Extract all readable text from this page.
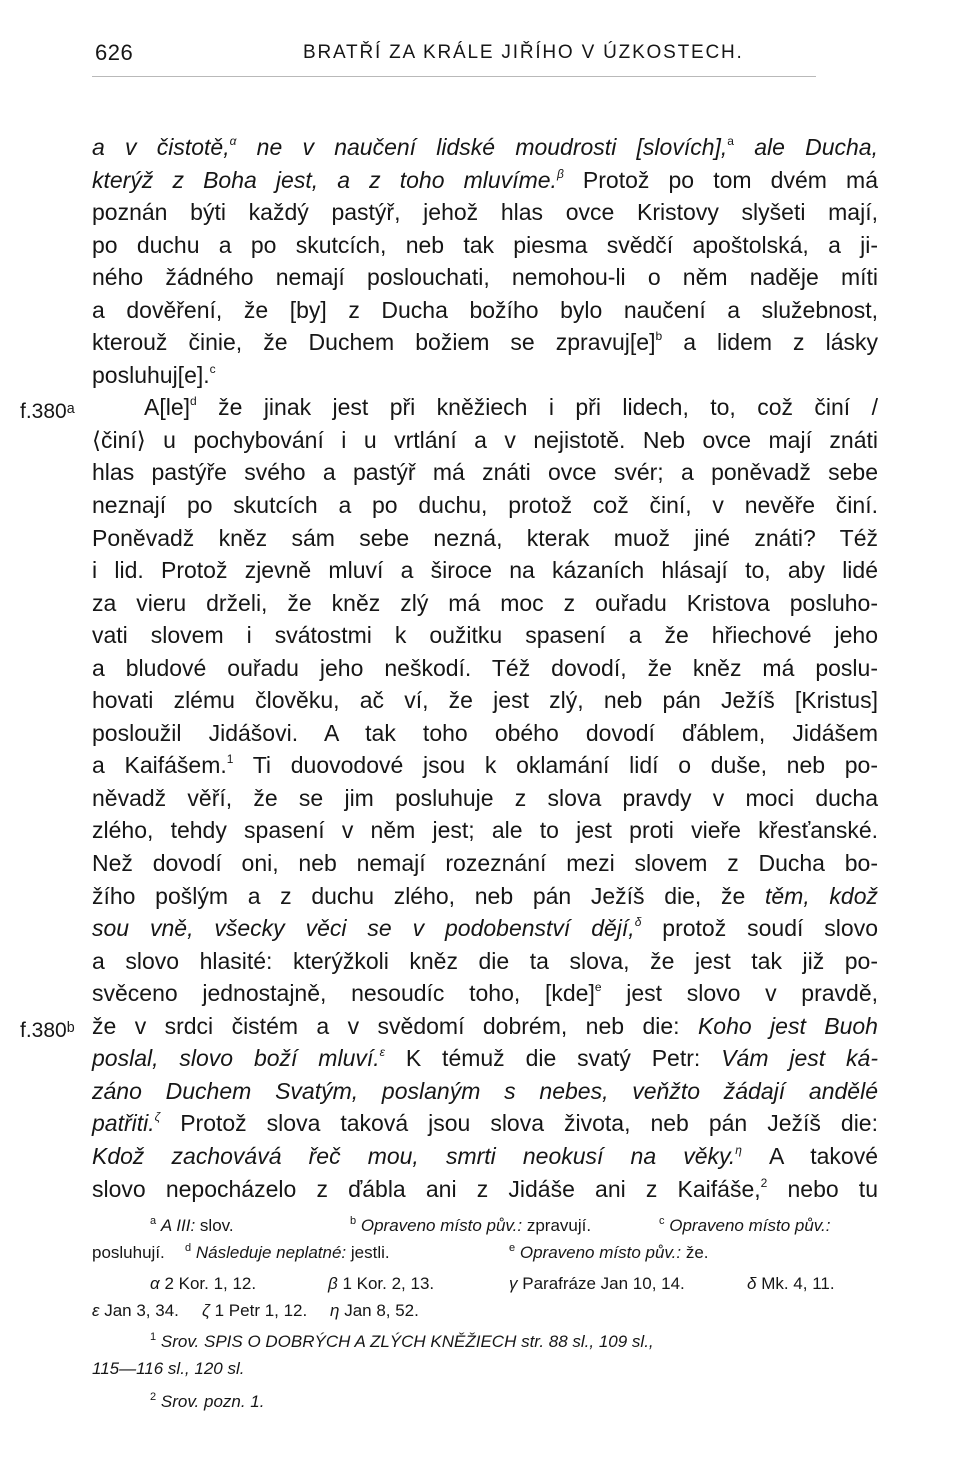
626	BRATŘÍ ZA KRÁLE JIŘÍHO V ÚZKOSTECH.
f.380ᵃ
f.380ᵇ
a v čistotě,$^\alpha$ ne v naučení lidské moudrosti [slovích],$^a$ ale Ducha,
kterýž z Boha jest, a z toho mluvíme.$^\beta$ Protož po tom dvém má
poznán býti každý pastýř, jehož hlas ovce Kristovy slyšeti mají,
po duchu a po skutcích, neb tak piesma svědčí apoštolská, a ji-
ného žádného nemají poslouchati, nemohou-li o něm naděje míti
a dověření, že [by] z Ducha božího bylo naučení a služebnost,
kterouž činie, že Duchem božiem se $zpravuj[e]^b$ a lidem z lásky
posluhuj[e].$^c$
A[le]$^d$ že jinak jest při kněžiech i při lidech, to, což činí /
⟨činí⟩ u pochybování i u vrtlání a v nejistotě. Neb ovce mají znáti
hlas pastýře svého a pastýř má znáti ovce svér; a poněvadž sebe
neznají po skutcích a po duchu, protož což činí, v nevěře činí.
Poněvadž kněz sám sebe nezná, kterak muož jiné znáti? Též
i lid. Protož zjevně mluví a široce na kázaních hlásají to, aby lidé
za vieru drželi, že kněz zlý má moc z ouřadu Kristova posluho-
vati slovem i svátostmi k oužitku spasení a že hřiechové jeho
a bludové ouřadu jeho neškodí. Též dovodí, že kněz má poslu-
hovati zlému člověku, ač ví, že jest zlý, neb pán Ježíš [Kristus]
posloužil Jidášovi. A tak toho obého dovodí ďáblem, Jidášem
a Kaifášem.$^1$ Ti duovodové jsou k oklamání lidí o duše, neb po-
něvadž věří, že se jim posluhuje z slova pravdy v moci ducha
zlého, tehdy spasení v něm jest; ale to jest proti vieře křesťanské.
Než dovodí oni, neb nemají rozeznání mezi slovem z Ducha bo-
žího pošlým a z duchu zlého, neb pán Ježíš die, že těm, kdož
sou vně, všecky věci se v podobenství dějí,$^\delta$ protož soudí slovo
a slovo hlasité: kterýžkoli kněz die ta slova, že jest tak již po-
svěceno jednostajně, nesoudíc toho, [kde]$^e$ jest slovo v pravdě,
že v srdci čistém a v svědomí dobrém, neb die: Koho jest Buoh
poslal, slovo boží mluví.$^\varepsilon$ K témuž die svatý Petr: Vám jest ká-
záno Duchem Svatým, poslaným s nebes, veňžto žádají andělé
patřiti.$^\zeta$ Protož slova taková jsou slova života, neb pán Ježíš die:
Kdož zachovává řeč mou, smrti neokusí na věky.$^\eta$ A takové
slovo nepocházelo z ďábla ani z Jidáše ani z Kaifáše,$^2$ nebo tu
$^a$ A III: slov.	$^b$ Opraveno místo pův.: zpravují.	$^c$ Opraveno místo pův.:
posluhují. $^d$ Následuje neplatné: jestli.	$^e$ Opraveno místo pův.: že.
α 2 Kor. 1, 12.	β 1 Kor. 2, 13.	γ Parafráze Jan 10, 14.	δ Mk. 4, 11.
ε Jan 3, 34. ζ 1 Petr 1, 12. η Jan 8, 52.
$^1$ Srov. SPIS O DOBRÝCH A ZLÝCH KNĚŽIECH str. 88 sl., 109 sl.,
115—116 sl., 120 sl.
$^2$ Srov. pozn. 1.
